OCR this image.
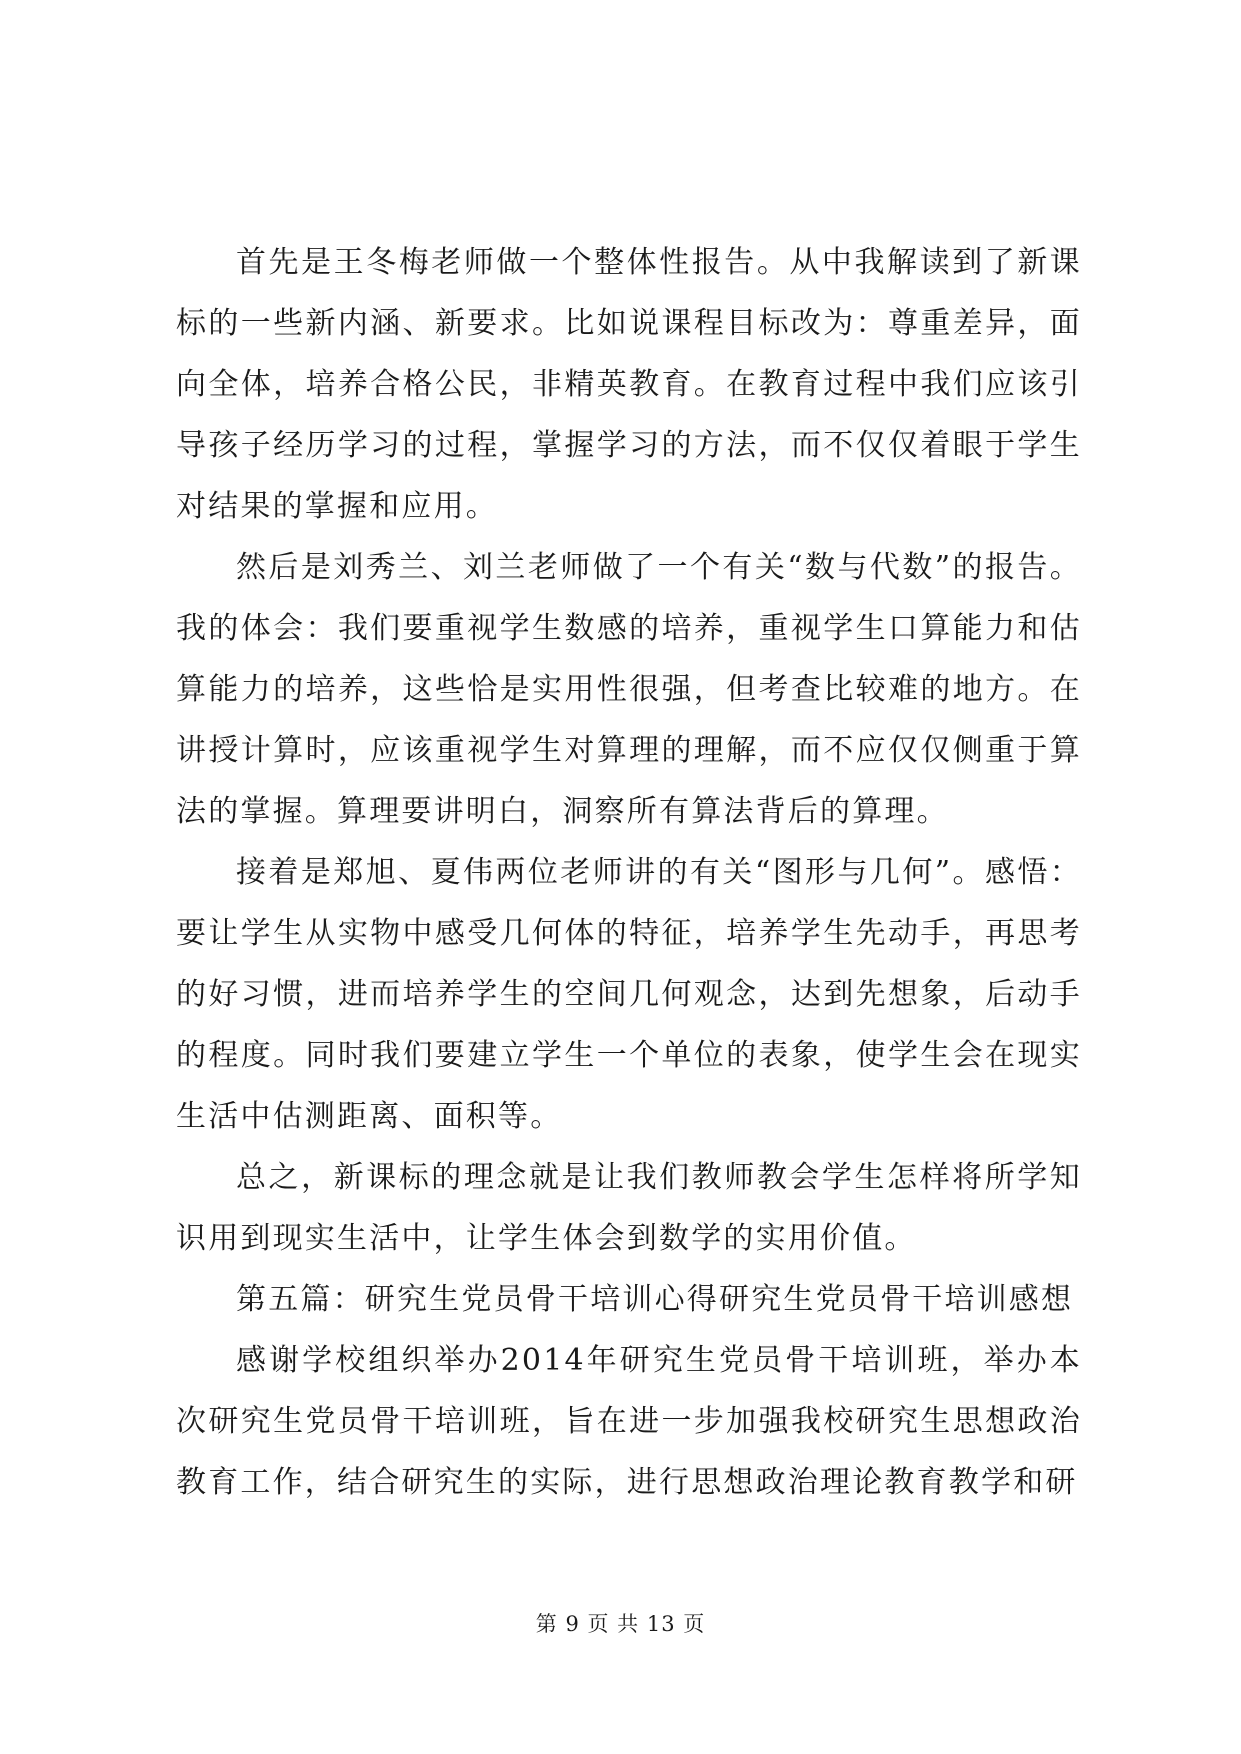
首先是王冬梅老师做一个整体性报告。从中我解读到了新课标的一些新内涵、新要求。比如说课程目标改为：尊重差异，面向全体，培养合格公民，非精英教育。在教育过程中我们应该引导孩子经历学习的过程，掌握学习的方法，而不仅仅着眼于学生对结果的掌握和应用。

然后是刘秀兰、刘兰老师做了一个有关“数与代数”的报告。我的体会：我们要重视学生数感的培养，重视学生口算能力和估算能力的培养，这些恰是实用性很强，但考查比较难的地方。在讲授计算时，应该重视学生对算理的理解，而不应仅仅侧重于算法的掌握。算理要讲明白，洞察所有算法背后的算理。

接着是郑旭、夏伟两位老师讲的有关“图形与几何”。感悟：要让学生从实物中感受几何体的特征，培养学生先动手，再思考的好习惯，进而培养学生的空间几何观念，达到先想象，后动手的程度。同时我们要建立学生一个单位的表象，使学生会在现实生活中估测距离、面积等。

总之，新课标的理念就是让我们教师教会学生怎样将所学知识用到现实生活中，让学生体会到数学的实用价值。

第五篇：研究生党员骨干培训心得研究生党员骨干培训感想

感谢学校组织举办2014年研究生党员骨干培训班，举办本次研究生党员骨干培训班，旨在进一步加强我校研究生思想政治教育工作，结合研究生的实际，进行思想政治理论教育教学和研

第 9 页 共 13 页
